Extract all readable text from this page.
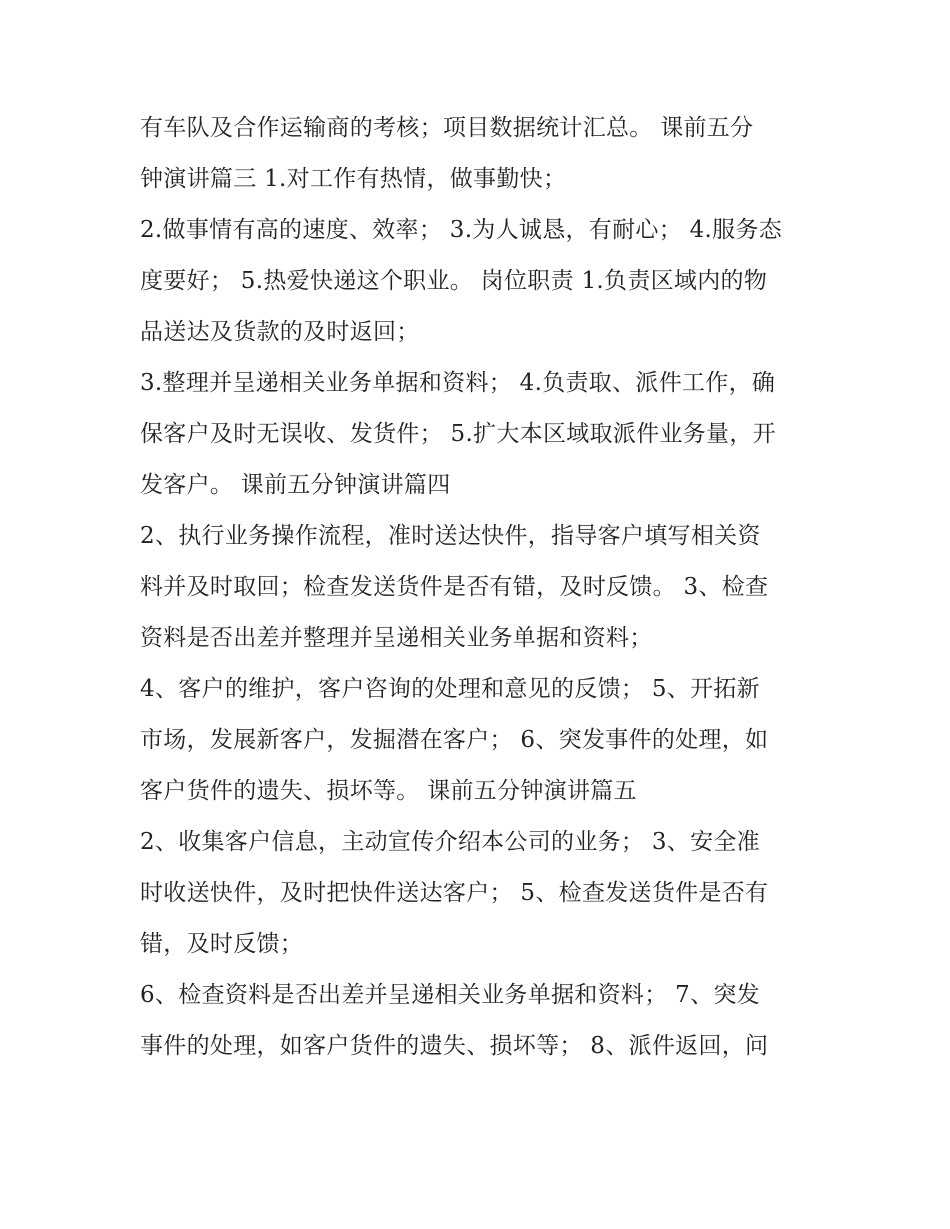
有车队及合作运输商的考核；项目数据统计汇总。 课前五分
钟演讲篇三 1.对工作有热情，做事勤快；

2.做事情有高的速度、效率； 3.为人诚恳，有耐心； 4.服务态
度要好； 5.热爱快递这个职业。 岗位职责 1.负责区域内的物
品送达及货款的及时返回；

3.整理并呈递相关业务单据和资料； 4.负责取、派件工作，确
保客户及时无误收、发货件； 5.扩大本区域取派件业务量，开
发客户。 课前五分钟演讲篇四

2、执行业务操作流程，准时送达快件，指导客户填写相关资
料并及时取回；检查发送货件是否有错，及时反馈。 3、检查
资料是否出差并整理并呈递相关业务单据和资料；

4、客户的维护，客户咨询的处理和意见的反馈； 5、开拓新
市场，发展新客户，发掘潜在客户； 6、突发事件的处理，如
客户货件的遗失、损坏等。 课前五分钟演讲篇五

2、收集客户信息，主动宣传介绍本公司的业务； 3、安全准
时收送快件，及时把快件送达客户； 5、检查发送货件是否有
错，及时反馈；

6、检查资料是否出差并呈递相关业务单据和资料； 7、突发
事件的处理，如客户货件的遗失、损坏等； 8、派件返回，问
